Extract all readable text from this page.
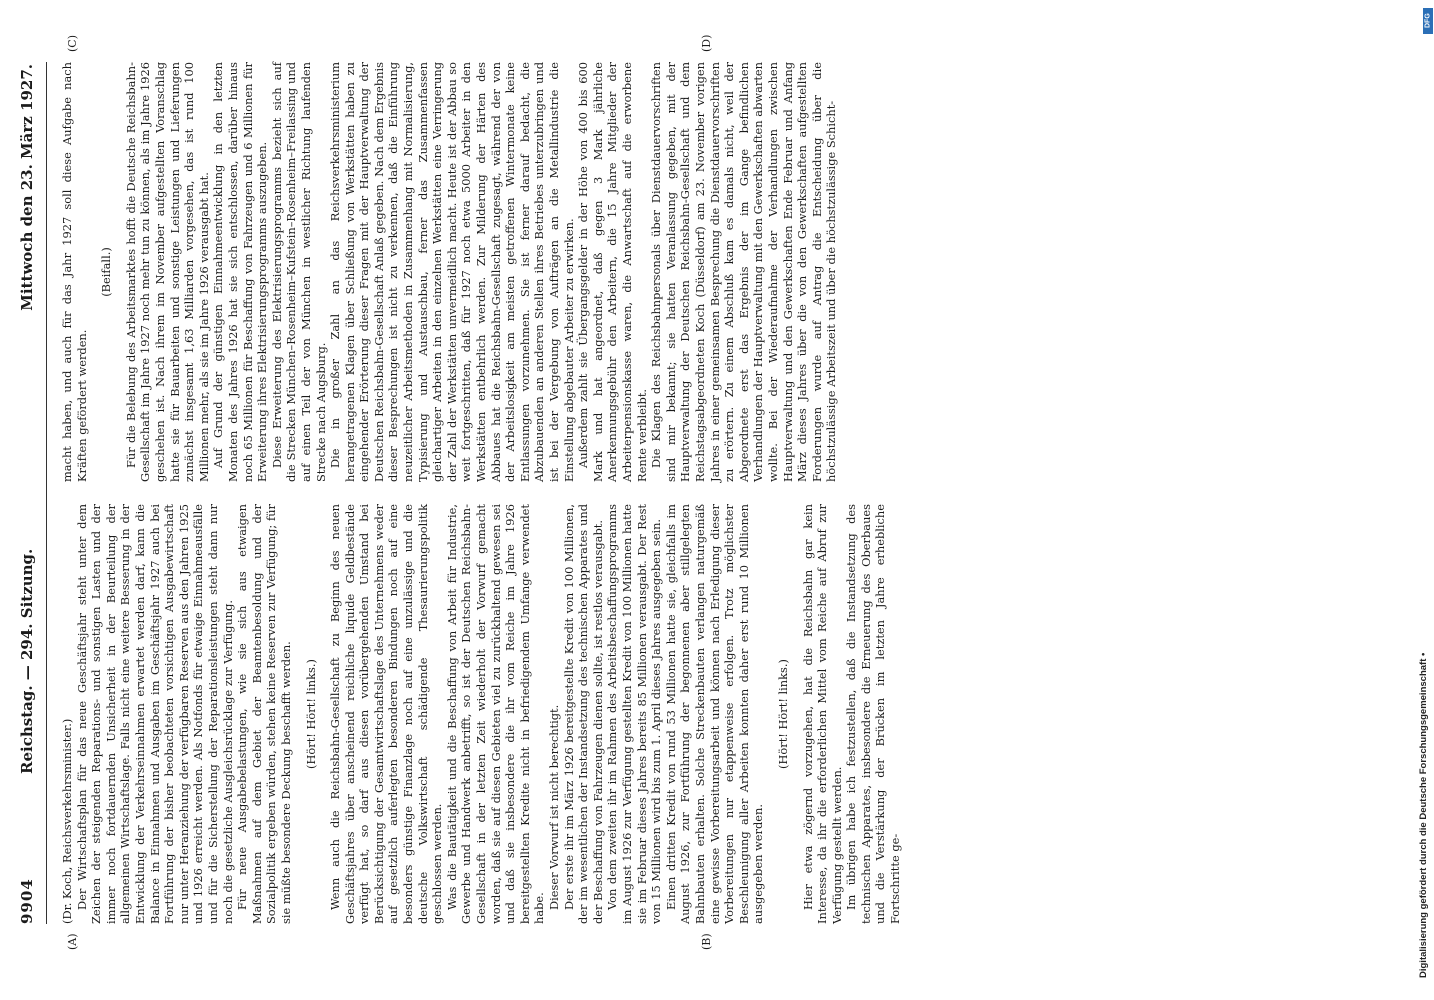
9904
Reichstag. — 294. Sitzung.
Mittwoch den 23. März 1927.
(A)	(B)
(C)	(D)

(Dr. Koch, Reichsverkehrsminister.) Der Wirtschaftsplan für das neue Geschäftsjahr steht unter dem Zeichen der steigenden Reparations- und sonstigen Lasten und der immer noch fortdauernden Unsicherheit in der Beurteilung der allgemeinen Wirtschaftslage. Falls nicht eine weitere Besserung in der Entwicklung der Verkehrseinnahmen erwartet werden darf, kann die Balance in Einnahmen und Ausgaben im Geschäftsjahr 1927 auch bei Fortführung der bisher beobachteten vorsichtigen Ausgabewirtschaft nur unter Heranziehung der verfügbaren Reserven aus den Jahren 1925 und 1926 erreicht werden. Als Notfonds für etwaige Einnahmeausfälle und für die Sicherstellung der Reparationsleistungen steht dann nur noch die gesetzliche Ausgleichsrücklage zur Verfügung. Für neue Ausgabebelastungen, wie sie sich aus etwaigen Maßnahmen auf dem Gebiet der Beamtenbesoldung und der Sozialpolitik ergeben würden, stehen keine Reserven zur Verfügung; für sie müßte besondere Deckung beschafft werden. (Hört! Hört! links.) Wenn auch die Reichsbahn-Gesellschaft zu Beginn des neuen Geschäftsjahres über anscheinend reichliche liquide Geldbestände verfügt hat, so darf aus diesen vorübergehenden Umstand bei Berücksichtigung der Gesamtwirtschaftslage des Unternehmens weder auf gesetzlich auferlegten besonderen Bindungen noch auf eine besonders günstige Finanzlage noch auf eine unzulässige und die deutsche Volkswirtschaft schädigende Thesaurierungspolitik geschlossen werden. Was die Bautätigkeit und die Beschaffung von Arbeit für Industrie, Gewerbe und Handwerk anbetrifft, so ist der Deutschen Reichsbahn-Gesellschaft in der letzten Zeit wiederholt der Vorwurf gemacht worden, daß sie auf diesen Gebieten viel zu zurückhaltend gewesen sei und daß sie insbesondere die ihr vom Reiche im Jahre 1926 bereitgestellten Kredite nicht in befriedigendem Umfange verwendet habe. Dieser Vorwurf ist nicht berechtigt. Der erste ihr im März 1926 bereitgestellte Kredit von 100 Millionen, der im wesentlichen der Instandsetzung des technischen Apparates und der Beschaffung von Fahrzeugen dienen sollte, ist restlos verausgabt. Von dem zweiten ihr im Rahmen des Arbeitsbeschaffungsprogramms im August 1926 zur Verfügung gestellten Kredit von 100 Millionen hatte sie im Februar dieses Jahres bereits 85 Millionen verausgabt. Der Rest von 15 Millionen wird bis zum 1. April dieses Jahres ausgegeben sein. Einen dritten Kredit von rund 53 Millionen hatte sie, gleichfalls im August 1926, zur Fortführung der begonnenen aber stillgelegten Bahnbauten erhalten. Solche Streckenbauten verlangen naturgemäß eine gewisse Vorbereitungsarbeit und können nach Erledigung dieser Vorbereitungen nur etappenweise erfolgen. Trotz möglichster Beschleunigung aller Arbeiten konnten daher erst rund 10 Millionen ausgegeben werden.

(Hört! Hört! links.) Hier etwa zögernd vorzugehen, hat die Reichsbahn gar kein Interesse, da ihr die erforderlichen Mittel vom Reiche auf Abruf zur Verfügung gestellt werden. Im übrigen habe ich festzustellen, daß die Instandsetzung des technischen Apparates, insbesondere die Erneuerung des Oberbaues und die Verstärkung der Brücken im letzten Jahre erhebliche Fortschritte ge-

macht haben, und auch für das Jahr 1927 soll diese Aufgabe nach Kräften gefördert werden.

(Beifall.) Für die Belebung des Arbeitsmarktes hofft die Deutsche Reichsbahn-Gesellschaft im Jahre 1927 noch mehr tun zu können, als im Jahre 1926 geschehen ist. Nach ihrem im November aufgestellten Voranschlag hatte sie für Bauarbeiten und sonstige Leistungen und Lieferungen zunächst insgesamt 1,63 Milliarden vorgesehen, das ist rund 100 Millionen mehr, als sie im Jahre 1926 verausgabt hat. Auf Grund der günstigen Einnahmeentwicklung in den letzten Monaten des Jahres 1926 hat sie sich entschlossen, darüber hinaus noch 65 Millionen für Beschaffung von Fahrzeugen und 6 Millionen für Erweiterung ihres Elektrisierungsprogramms auszugeben. Diese Erweiterung des Elektrisierungsprogramms bezieht sich auf die Strecken München–Rosenheim–Kufstein–Rosenheim–Freilassing und auf einen Teil der von München in westlicher Richtung laufenden Strecke nach Augsburg. Die in großer Zahl an das Reichsverkehrsministerium herangetragenen Klagen über Schließung von Werkstätten haben zu eingehender Erörterung dieser Fragen mit der Hauptverwaltung der Deutschen Reichsbahn-Gesellschaft Anlaß gegeben. Nach dem Ergebnis dieser Besprechungen ist nicht zu verkennen, daß die Einführung neuzeitlicher Arbeitsmethoden in Zusammenhang mit Normalisierung, Typisierung und Austauschbau, ferner das Zusammenfassen gleichartiger Arbeiten in den einzelnen Werkstätten eine Verringerung der Zahl der Werkstätten unvermeidlich macht. Heute ist der Abbau so weit fortgeschritten, daß für 1927 noch etwa 5000 Arbeiter in den Werkstätten entbehrlich werden. Zur Milderung der Härten des Abbaues hat die Reichsbahn-Gesellschaft zugesagt, während der von der Arbeitslosigkeit am meisten getroffenen Wintermonate keine Entlassungen vorzunehmen. Sie ist ferner darauf bedacht, die Abzubauenden an anderen Stellen ihres Betriebes unterzubringen und ist bei der Vergebung von Aufträgen an die Metallindustrie die Einstellung abgebauter Arbeiter zu erwirken. Außerdem zahlt sie Übergangsgelder in der Höhe von 400 bis 600 Mark und hat angeordnet, daß gegen 3 Mark jährliche Anerkennungsgebühr den Arbeitern, die 15 Jahre Mitglieder der Arbeiterpensionskasse waren, die Anwartschaft auf die erworbene Rente verbleibt. Die Klagen des Reichsbahnpersonals über Dienstdauervorschriften sind mir bekannt; sie hatten Veranlassung gegeben, mit der Hauptverwaltung der Deutschen Reichsbahn-Gesellschaft und dem Reichstagsabgeordneten Koch (Düsseldorf) am 23. November vorigen Jahres in einer gemeinsamen Besprechung die Dienstdauervorschriften zu erörtern. Zu einem Abschluß kam es damals nicht, weil der Abgeordnete erst das Ergebnis der im Gange befindlichen Verhandlungen der Hauptverwaltung mit den Gewerkschaften abwarten wollte. Bei der Wiederaufnahme der Verhandlungen zwischen Hauptverwaltung und den Gewerkschaften Ende Februar und Anfang März dieses Jahres über die von den Gewerkschaften aufgestellten Forderungen wurde auf Antrag die Entscheidung über die höchstzulässige Arbeitszeit und über die höchstzulässige Schicht-

DFG
Digitalisierung gefördert durch die Deutsche Forschungsgemeinschaft •
